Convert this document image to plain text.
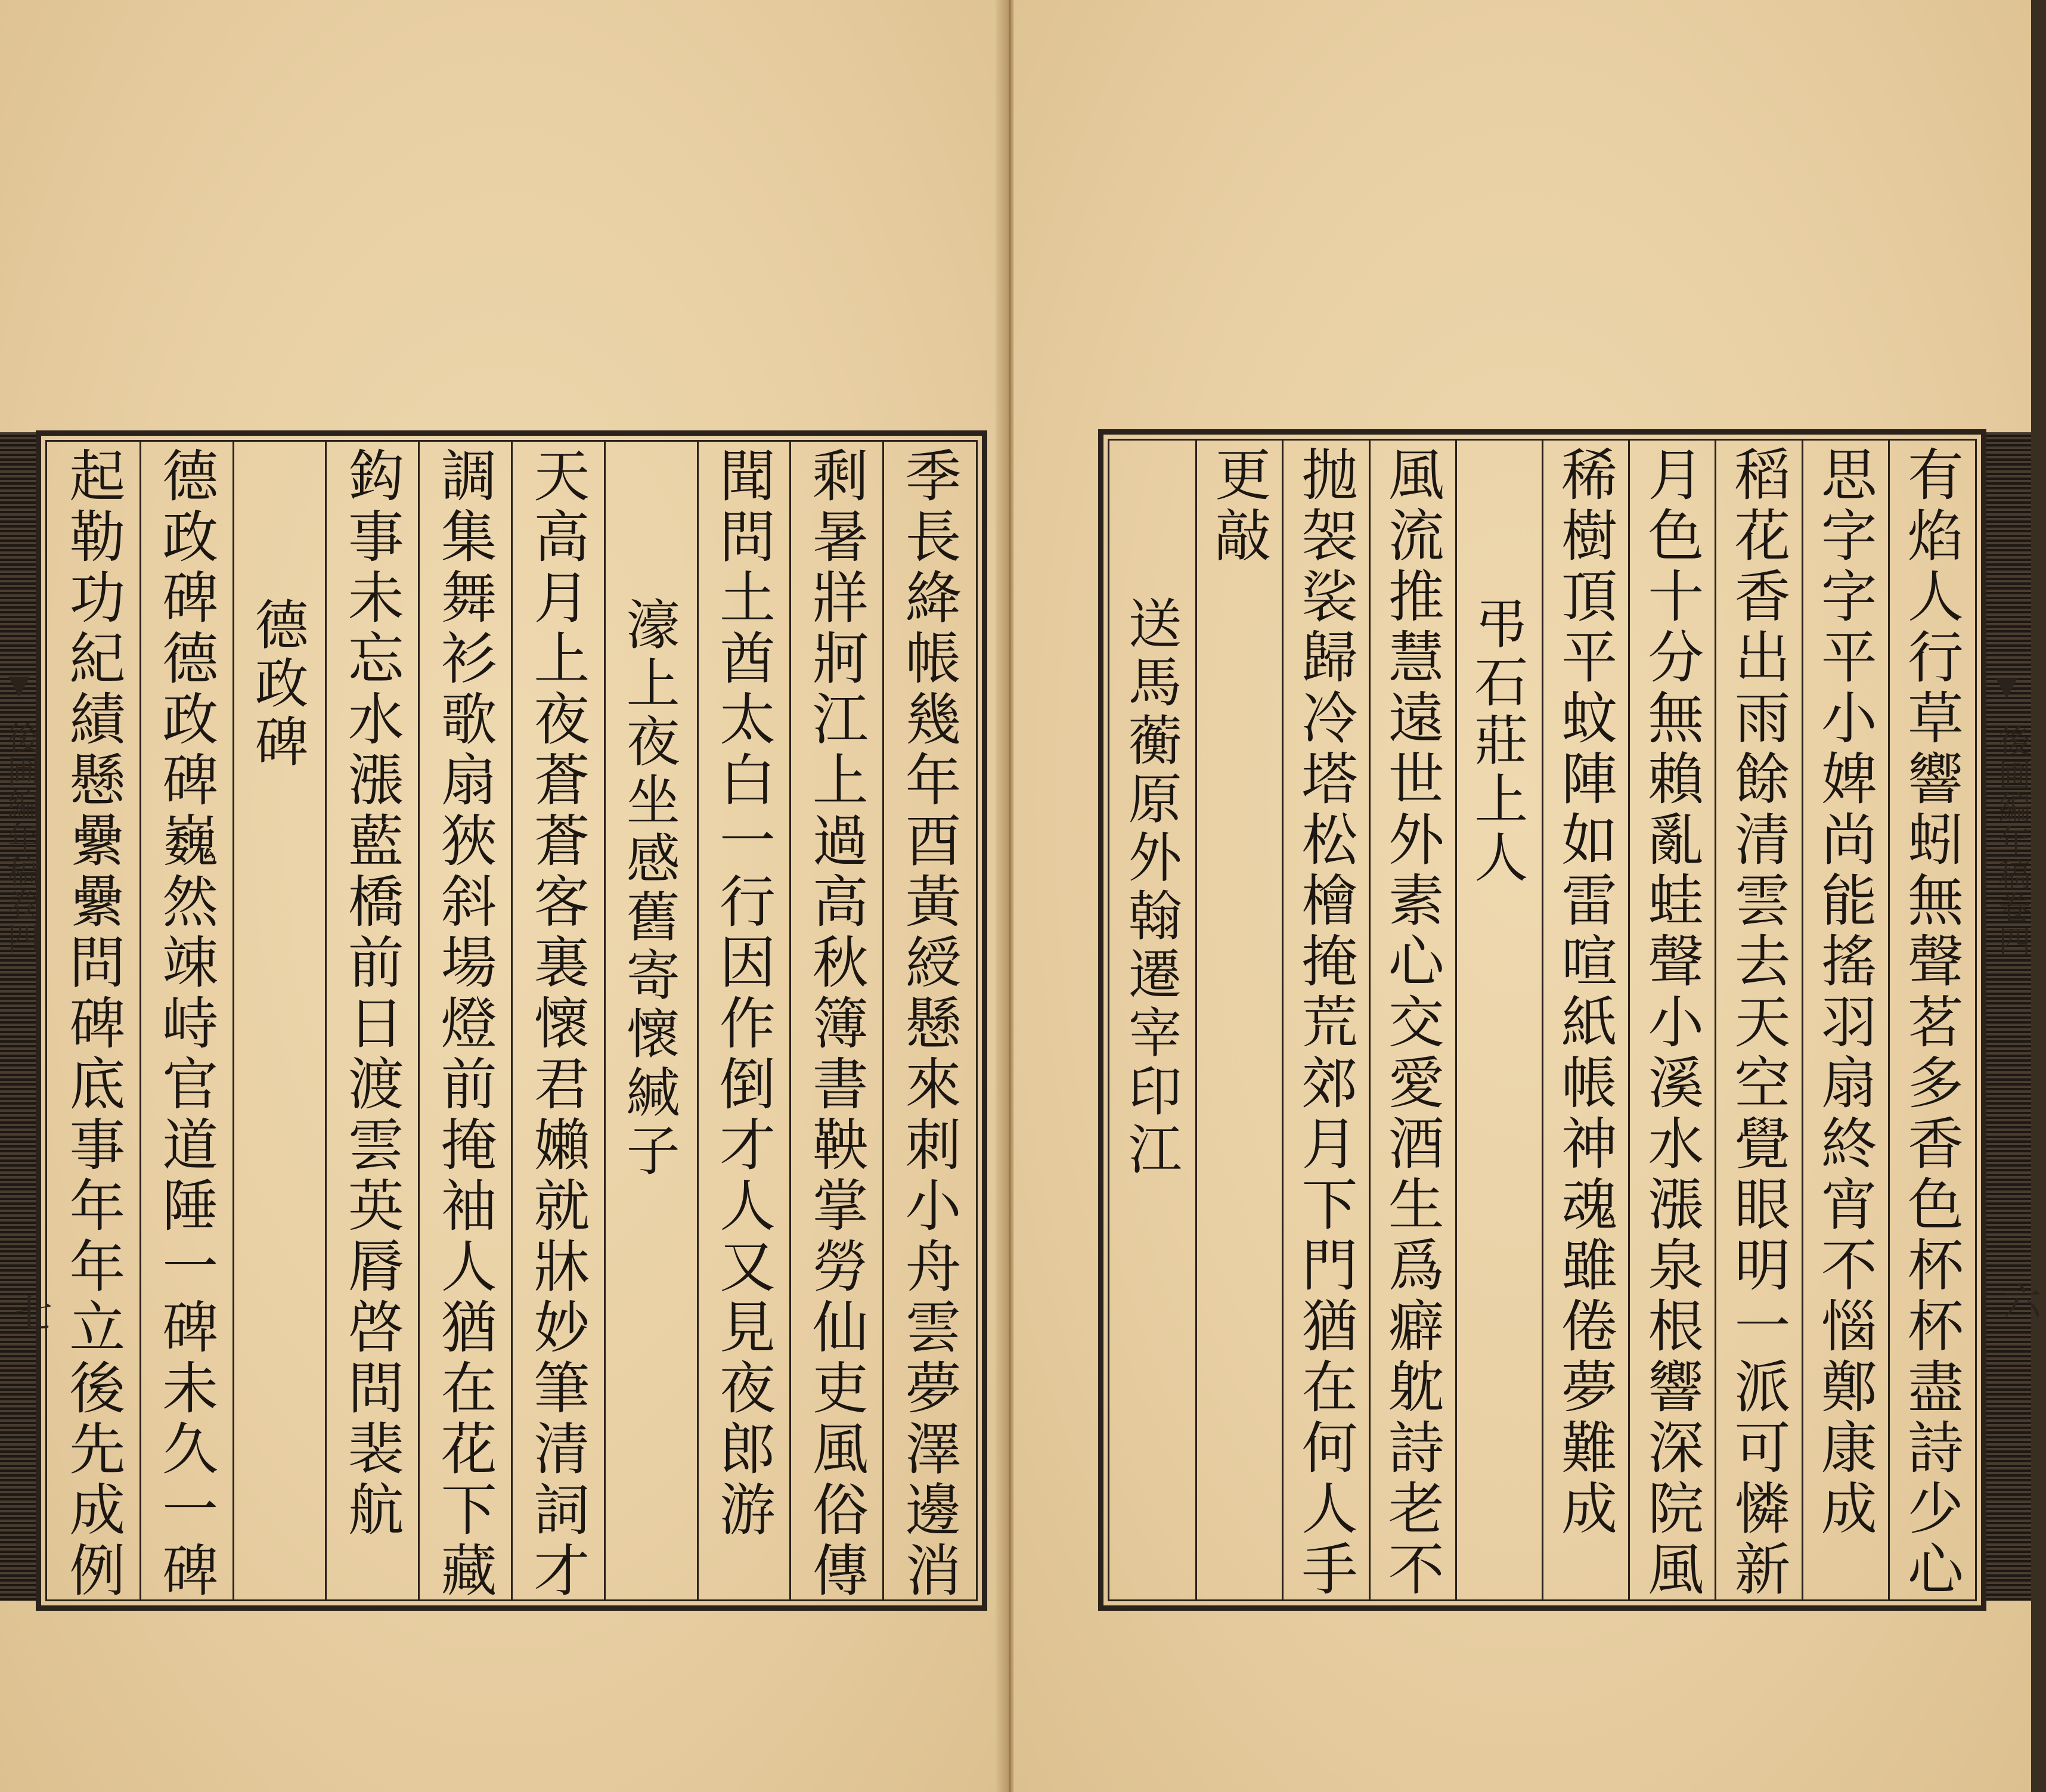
後圃編年稿卷四
七	季長絳帳幾年酉黃綬懸來刺小舟雲夢澤邊消
剩暑牂牁江上過高秋簿書鞅掌勞仙吏風俗傳
聞問土酋太白一行因作倒才人又見夜郎游
濠上夜坐感舊寄懷緘子
天高月上夜蒼蒼客裏懷君嬾就牀妙筆清詞才
調集舞衫歌扇狹斜場燈前掩袖人猶在花下藏
鈎事未忘水漲藍橋前日渡雲英脣啓問裴航
德政碑
德政碑德政碑巍然竦峙官道陲一碑未久一碑
起勒功紀績懸纍纍問碑底事年年立後先成例	後圃編年稿卷四
六
有焰人行草響蚓無聲茗多香色杯杯盡詩少心
思字字平小婢尚能搖羽扇終宵不惱鄭康成
稻花香出雨餘清雲去天空覺眼明一派可憐新
月色十分無賴亂蛙聲小溪水漲泉根響深院風
稀樹頂平蚊陣如雷喧紙帳神魂雖倦夢難成
弔石莊上人
風流推慧遠世外素心交愛酒生爲癖躭詩老不
抛袈裟歸冷塔松檜掩荒郊月下門猶在何人手
更敲
送馬蘅原外翰遷宰印江
